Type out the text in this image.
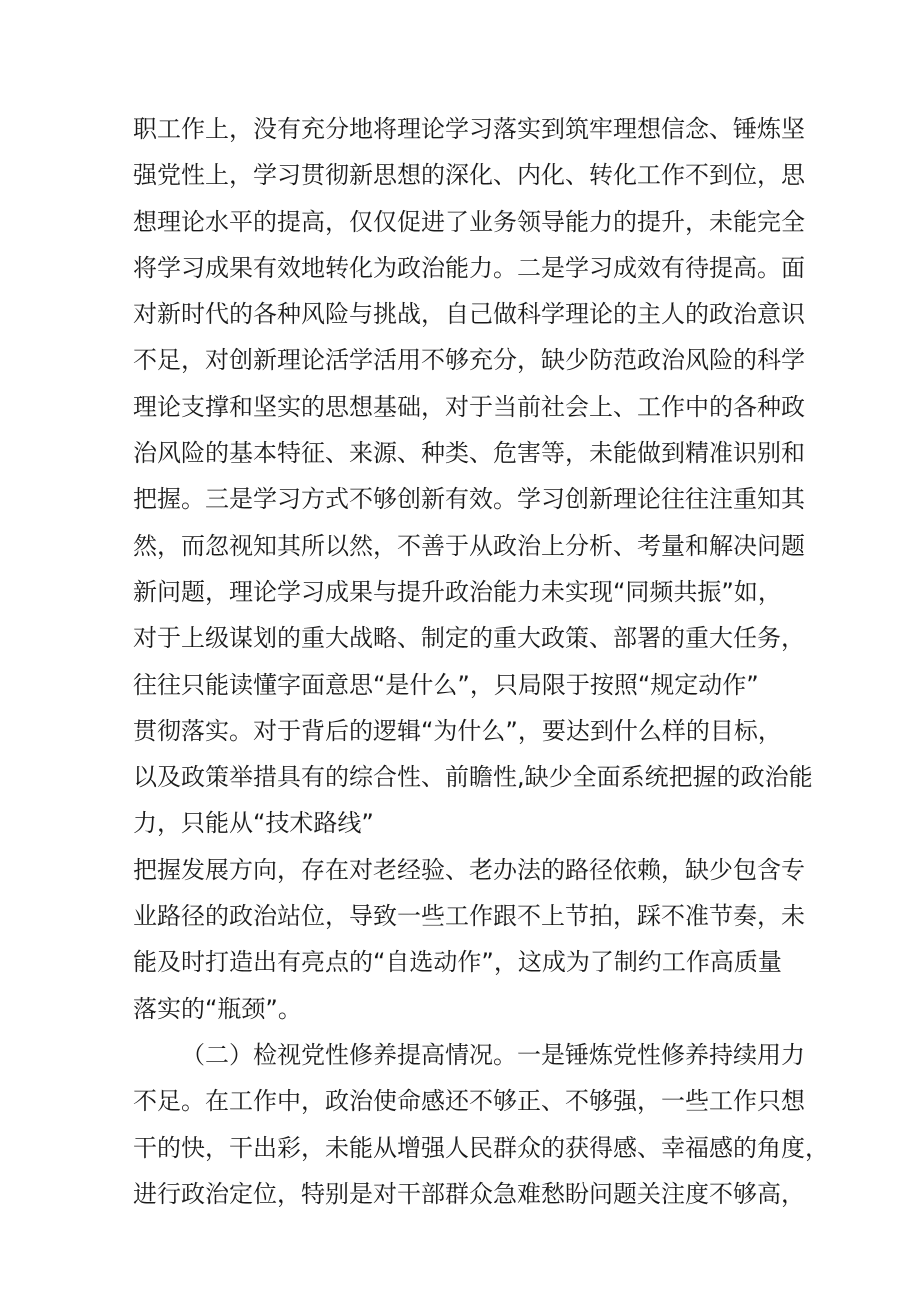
职工作上，没有充分地将理论学习落实到筑牢理想信念、锤炼坚
强党性上，学习贯彻新思想的深化、内化、转化工作不到位，思
想理论水平的提高，仅仅促进了业务领导能力的提升，未能完全
将学习成果有效地转化为政治能力。二是学习成效有待提高。面
对新时代的各种风险与挑战，自己做科学理论的主人的政治意识
不足，对创新理论活学活用不够充分，缺少防范政治风险的科学
理论支撑和坚实的思想基础，对于当前社会上、工作中的各种政
治风险的基本特征、来源、种类、危害等，未能做到精准识别和
把握。三是学习方式不够创新有效。学习创新理论往往注重知其
然，而忽视知其所以然，不善于从政治上分析、考量和解决问题
新问题，理论学习成果与提升政治能力未实现“同频共振”如，
对于上级谋划的重大战略、制定的重大政策、部署的重大任务，
往往只能读懂字面意思“是什么”，只局限于按照“规定动作”
贯彻落实。对于背后的逻辑“为什么”，要达到什么样的目标，
以及政策举措具有的综合性、前瞻性,缺少全面系统把握的政治能
力，只能从“技术路线”
把握发展方向，存在对老经验、老办法的路径依赖，缺少包含专
业路径的政治站位，导致一些工作跟不上节拍，踩不准节奏，未
能及时打造出有亮点的“自选动作”，这成为了制约工作高质量
落实的“瓶颈”。
（二）检视党性修养提高情况。一是锤炼党性修养持续用力
不足。在工作中，政治使命感还不够正、不够强，一些工作只想
干的快，干出彩，未能从增强人民群众的获得感、幸福感的角度，
进行政治定位，特别是对干部群众急难愁盼问题关注度不够高，
